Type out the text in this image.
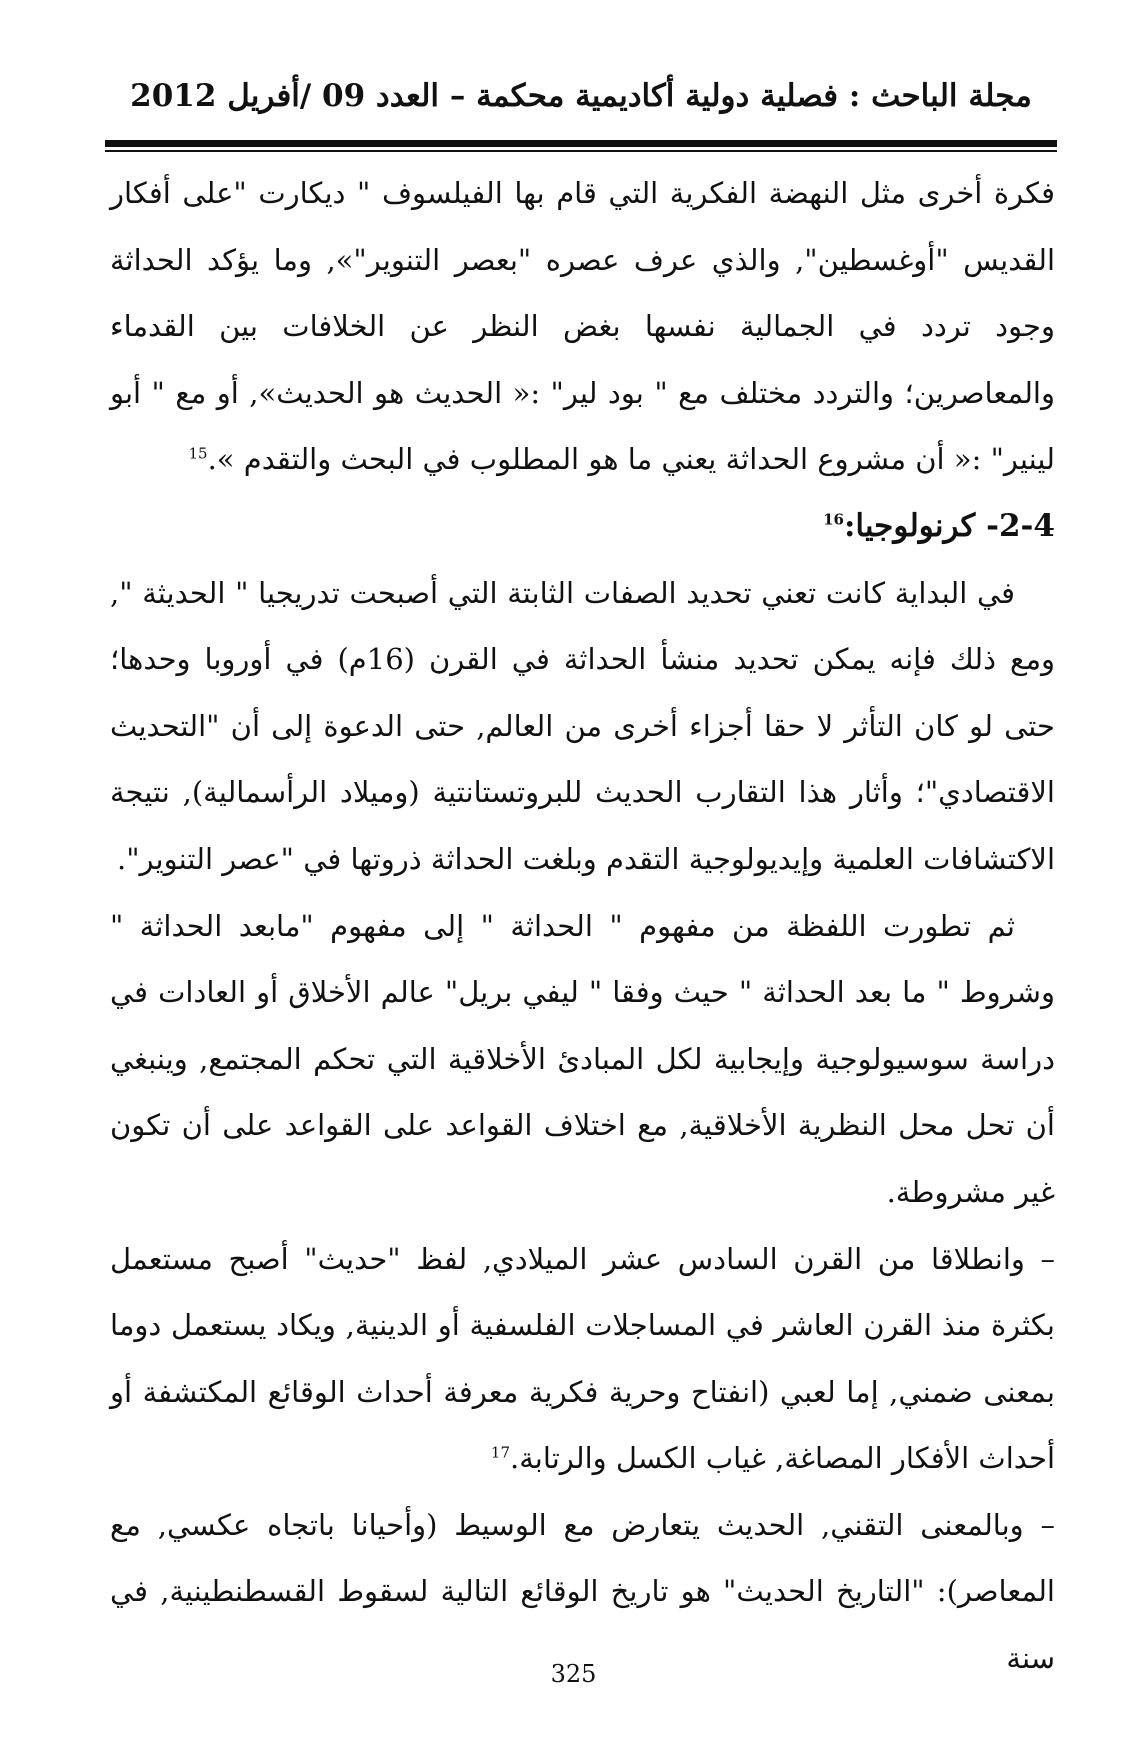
مجلة الباحث : فصلية دولية أكاديمية محكمة – العدد 09 /أفريل 2012

فكرة أخرى مثل النهضة الفكرية التي قام بها الفيلسوف " ديكارت "على أفكار القديس "أوغسطين", والذي عرف عصره "بعصر التنوير"», وما يؤكد الحداثة وجود تردد في الجمالية نفسها بغض النظر عن الخلافات بين القدماء والمعاصرين؛ والتردد مختلف مع " بود لير" :« الحديث هو الحديث», أو مع " أبو لينير" :« أن مشروع الحداثة يعني ما هو المطلوب في البحث والتقدم ».$^{15}$

2-4- كرنولوجيا:$^{16}$

في البداية كانت تعني تحديد الصفات الثابتة التي أصبحت تدريجيا " الحديثة ", ومع ذلك فإنه يمكن تحديد منشأ الحداثة في القرن (16م) في أوروبا وحدها؛ حتى لو كان التأثر لا حقا أجزاء أخرى من العالم, حتى الدعوة إلى أن "التحديث الاقتصادي"؛ وأثار هذا التقارب الحديث للبروتستانتية (وميلاد الرأسمالية), نتيجة الاكتشافات العلمية وإيديولوجية التقدم وبلغت الحداثة ذروتها في "عصر التنوير".

ثم تطورت اللفظة من مفهوم " الحداثة " إلى مفهوم "مابعد الحداثة " وشروط " ما بعد الحداثة " حيث وفقا " ليفي بريل" عالم الأخلاق أو العادات في دراسة سوسيولوجية وإيجابية لكل المبادئ الأخلاقية التي تحكم المجتمع, وينبغي أن تحل محل النظرية الأخلاقية, مع اختلاف القواعد على القواعد على أن تكون غير مشروطة.

– وانطلاقا من القرن السادس عشر الميلادي, لفظ "حديث" أصبح مستعمل بكثرة منذ القرن العاشر في المساجلات الفلسفية أو الدينية, ويكاد يستعمل دوما بمعنى ضمني, إما لعبي (انفتاح وحرية فكرية معرفة أحداث الوقائع المكتشفة أو أحداث الأفكار المصاغة, غياب الكسل والرتابة.$^{17}$

– وبالمعنى التقني, الحديث يتعارض مع الوسيط (وأحيانا باتجاه عكسي, مع المعاصر): "التاريخ الحديث" هو تاريخ الوقائع التالية لسقوط القسطنطينية, في سنة

325
